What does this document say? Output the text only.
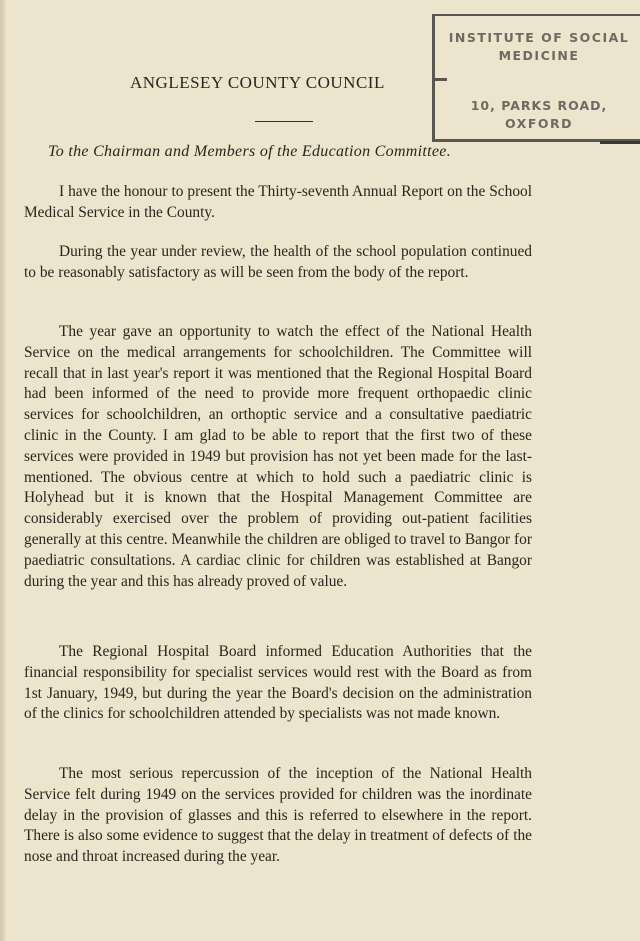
INSTITUTE OF SOCIAL
MEDICINE
10, PARKS ROAD,
OXFORD
ANGLESEY COUNTY COUNCIL
To the Chairman and Members of the Education Committee.

I have the honour to present the Thirty-seventh Annual Report on the School Medical Service in the County.

During the year under review, the health of the school population continued to be reasonably satisfactory as will be seen from the body of the report.

The year gave an opportunity to watch the effect of the National Health Service on the medical arrangements for schoolchildren. The Committee will recall that in last year's report it was mentioned that the Regional Hospital Board had been informed of the need to provide more frequent orthopaedic clinic services for schoolchildren, an orthoptic service and a consultative paediatric clinic in the County. I am glad to be able to report that the first two of these services were provided in 1949 but provision has not yet been made for the last-mentioned. The obvious centre at which to hold such a paediatric clinic is Holyhead but it is known that the Hospital Management Committee are considerably exercised over the problem of providing out-patient facilities generally at this centre. Meanwhile the children are obliged to travel to Bangor for paediatric consultations. A cardiac clinic for children was established at Bangor during the year and this has already proved of value.

The Regional Hospital Board informed Education Authorities that the financial responsibility for specialist services would rest with the Board as from 1st January, 1949, but during the year the Board's decision on the administration of the clinics for schoolchildren attended by specialists was not made known.

The most serious repercussion of the inception of the National Health Service felt during 1949 on the services provided for children was the inordinate delay in the provision of glasses and this is referred to elsewhere in the report. There is also some evidence to suggest that the delay in treatment of defects of the nose and throat increased during the year.
